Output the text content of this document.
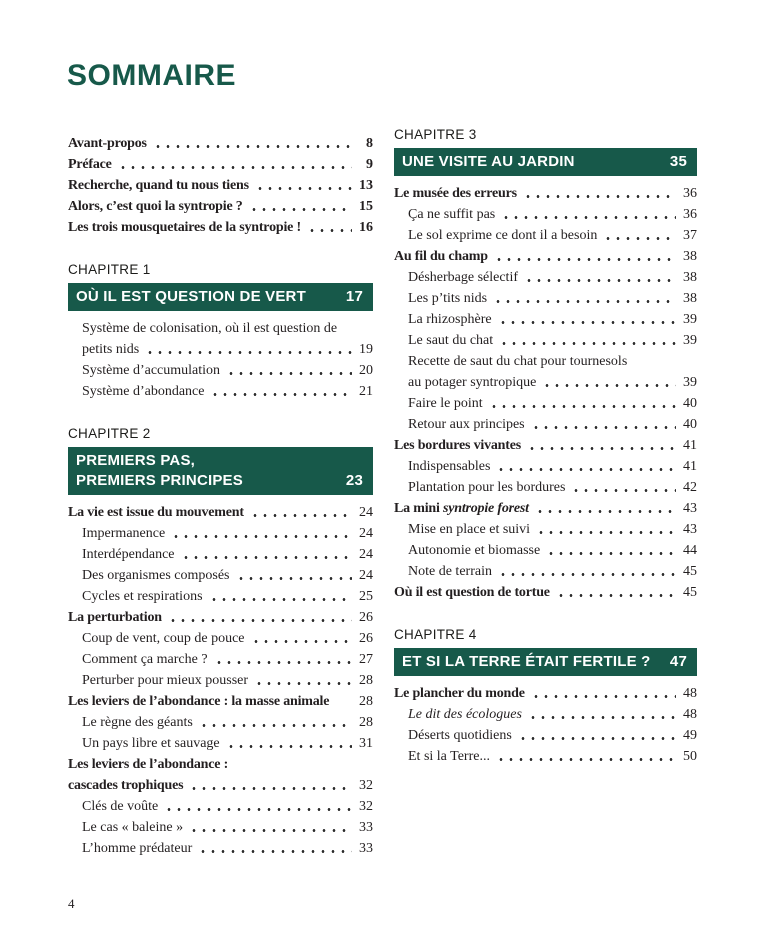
SOMMAIRE
Avant-propos	8
Préface	9
Recherche, quand tu nous tiens	13
Alors, c’est quoi la syntropie ?	15
Les trois mousquetaires de la syntropie !	16
CHAPITRE 1
OÙ IL EST QUESTION DE VERT	17
Système de colonisation, où il est question de
petits nids	19
Système d’accumulation	20
Système d’abondance	21
CHAPITRE 2
PREMIERS PAS,
PREMIERS PRINCIPES	23
La vie est issue du mouvement	24
Impermanence	24
Interdépendance	24
Des organismes composés	24
Cycles et respirations	25
La perturbation	26
Coup de vent, coup de pouce	26
Comment ça marche ?	27
Perturber pour mieux pousser	28
Les leviers de l’abondance : la masse animale 28
Le règne des géants	28
Un pays libre et sauvage	31
Les leviers de l’abondance :
cascades trophiques	32
Clés de voûte	32
Le cas « baleine »	33
L’homme prédateur	33
CHAPITRE 3
UNE VISITE AU JARDIN	35
Le musée des erreurs	36
Ça ne suffit pas	36
Le sol exprime ce dont il a besoin	37
Au fil du champ	38
Désherbage sélectif	38
Les p’tits nids	38
La rhizosphère	39
Le saut du chat	39
Recette de saut du chat pour tournesols
au potager syntropique	39
Faire le point	40
Retour aux principes	40
Les bordures vivantes	41
Indispensables	41
Plantation pour les bordures	42
La mini syntropie forest	43
Mise en place et suivi	43
Autonomie et biomasse	44
Note de terrain	45
Où il est question de tortue	45
CHAPITRE 4
ET SI LA TERRE ÉTAIT FERTILE ? 47
Le plancher du monde	48
Le dit des écologues	48
Déserts quotidiens	49
Et si la Terre...	50
4
